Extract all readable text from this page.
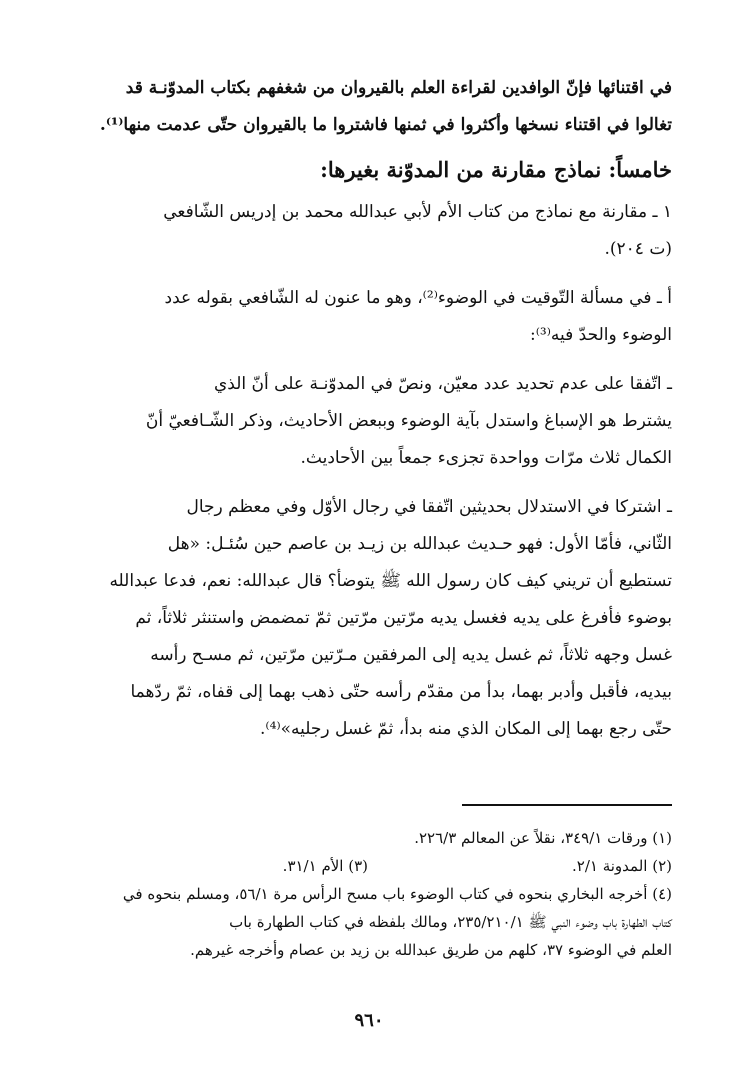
في اقتنائها فإنّ الوافدين لقراءة العلم بالقيروان من شغفهم بكتاب المدوّنـة قد

تغالوا في اقتناء نسخها وأكثروا في ثمنها فاشتروا ما بالقيروان حتّى عدمت منها⁽¹⁾.

خامساً: نماذج مقارنة من المدوّنة بغيرها:

١ ـ مقارنة مع نماذج من كتاب الأم لأبي عبدالله محمد بن إدريس الشّافعي

(ت ٢٠٤).

أ ـ في مسألة التّوقيت في الوضوء⁽²⁾، وهو ما عنون له الشّافعي بقوله عدد

الوضوء والحدّ فيه⁽³⁾:

ـ اتّفقا على عدم تحديد عدد معيّن، ونصّ في المدوّنـة على أنّ الذي

يشترط هو الإسباغ واستدل بآية الوضوء وببعض الأحاديث، وذكر الشّـافعيّ أنّ

الكمال ثلاث مرّات وواحدة تجزىء جمعاً بين الأحاديث.

ـ اشتركا في الاستدلال بحديثين اتّفقا في رجال الأوّل وفي معظم رجال

الثّاني، فأمّا الأول: فهو حـديث عبدالله بن زيـد بن عاصم حين سُئـل: «هل

تستطيع أن تريني كيف كان رسول الله ﷺ يتوضأ؟ قال عبدالله: نعم، فدعا عبدالله

بوضوء فأفرغ على يديه فغسل يديه مرّتين مرّتين ثمّ تمضمض واستنثر ثلاثاً، ثم

غسل وجهه ثلاثاً، ثم غسل يديه إلى المرفقين مـرّتين مرّتين، ثم مسـح رأسه

بيديه، فأقبل وأدبر بهما، بدأ من مقدّم رأسه حتّى ذهب بهما إلى قفاه، ثمّ ردّهما

حتّى رجع بهما إلى المكان الذي منه بدأ، ثمّ غسل رجليه»⁽⁴⁾.

(١) ورقات ٣٤٩/١، نقلاً عن المعالم ٢٢٦/٣.

(٢) المدونة ٢/١.
(٣) الأم ٣١/١.

(٤) أخرجه البخاري بنحوه في كتاب الوضوء باب مسح الرأس مرة ٥٦/١، ومسلم بنحوه في

كتاب الطهارة باب وضوء النبي ﷺ ٢٣٥/٢١٠/١، ومالك بلفظه في كتاب الطهارة باب

العلم في الوضوء ٣٧، كلهم من طريق عبدالله بن زيد بن عصام وأخرجه غيرهم.

٩٦٠
